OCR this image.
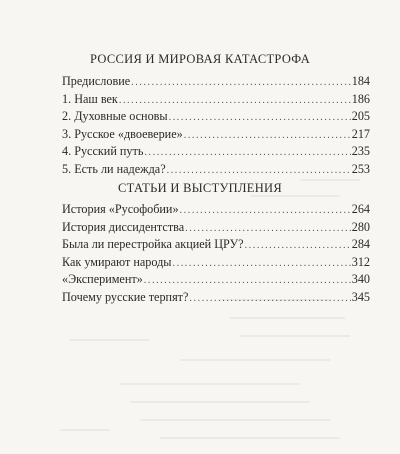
РОССИЯ И МИРОВАЯ КАТАСТРОФА
Предисловие .....	184
1. Наш век .....	186
2. Духовные основы .....	205
3. Русское «двоеверие» .....	217
4. Русский путь .....	235
5. Есть ли надежда? .....	253
СТАТЬИ И ВЫСТУПЛЕНИЯ
История «Русофобии» .....	264
История диссидентства .....	280
Была ли перестройка акцией ЦРУ? .....	284
Как умирают народы .....	312
«Эксперимент» .....	340
Почему русские терпят? .....	345
